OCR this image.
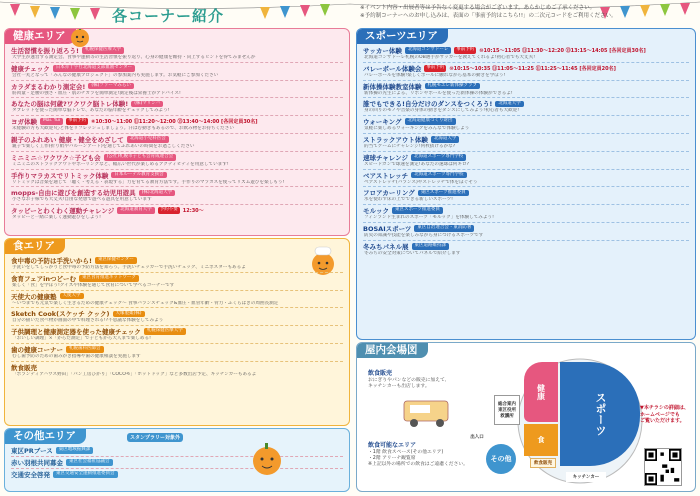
各コーナー紹介	※イベント内容・出展者等は予告なく変更する場合がございます。あらかじめご了承ください。
※予約制コーナーへのお申し込みは、表面の「事前予約はこちら!!」の二次元コードをご利用ください。
健康エリア
生活習慣を振り返ろう!	札幌保健医療大学
大学生が運営する測定会。食事や運動等の生活習慣を振り返り、心身の健康を維持・向上するヒントを得てみませんか
健康チェック	日本赤十字社北海道支部血液センター
会社一丸となって「みんなの健康プロジェクト」の参加案内も実施します。お気軽にご参加ください
カラダまるわかり測定会!	(株)ファーマみらい
筋肉量・足腰の強さ・血圧・肌のチカラを簡単測定!測定後は栄養士がアドバイス!
あなたの脳は何歳?ワクワク脳トレ体験!	(株)マリンバ
タブレットを使った簡単な脳トレで、あなたの脳年齢をチェックしてみよう!
ヨガ体験	Mai. Yui	事前予約	⑥10:30～11:00 ⑪11:20～12:00 ⑬13:40～14:00 [各回定員30名]
未経験の方も大歓迎!心と体をリフレッシュしましょう。汗ばむ動きもあるので、お飲み物をお持ちください
親子のふれあい 健康・健全をめざして	北海道小児科医会
親子で楽しく工作(折り紙やバルーンアート)を通じてふれあいの時間をお過ごしください
ミニミニ☆ワクワク☆子ども会	(公社)札幌市子ども会育成連合会
ミニミニのストラックアウトやボーリングなど、幅広い世代が楽しめるアクティビティを用意しています!
手作りマラカスでリトミック体験	日本ルーテル教育支援会
リトミックは音楽を通じて「聴く・考える・表現する」力を育てる教育方法です。手作りのマラカスを使ってリズム遊びを楽しもう!
mopps-自由に遊びを創造する幼児用遊具	(株)北海道大学
小さなお子様でも大丈夫!自由な発想で遊べる遊具を用意しています
タッピーとわくわく運動チャレンジ	北海道教育大学	予約不要	12:30～
タッピーと一緒に楽しく運動遊びをしよう!
食エリア
食中毒の予防は手洗いから!	東区保健センター
手洗いをしてしっかりと食中毒の予防方法を知ろう。手洗いチェッカーで手洗いチェック、ミニポスターもあるよ
食育フェアinつどーむ	東区食育推進ネットワーク
楽しく「食」を学ぼう!クイズや体験を通じて食育について学べるコーナーです
天使大の健康塾	天使大学
～いつまでも元気で楽しく生きるための健康チェック～ 食事バランスチェック&血圧・血管年齢・骨力・ふくらはぎの周囲長測定
Sketch Cook(スケッチ クック)	大塚製薬(株)
自分の描いた食べ物が画面の中で料理される!?不思議な体験をしてみよう
子供調理と健康測定器を使った健康チェック	札幌保健医療大学
「おいしい調理」×「からだ測定」で子どもから大人まで楽しめる!
歯の健康コーナー	札幌歯科医師会
むし歯予防のための歯みがき指導や歯の健康相談を実施します
飲食販売
「ボランティアハウス野田」「パン工房ひかり」「COCOモ」「ホットドッグ」など多数出店予定、キッチンカーもあるよ
その他エリア	スタンプラリー対象外
東区PRブース	東区地域振興課
赤い羽根共同募金	東区社会福祉協議会
交通安全啓発	東区交通安全運動推進委員会
スポーツエリア
サッカー体験	北海道コンサドーレ	事前予約	⑩10:15～11:05 ⑪11:30～12:20 ⑬13:15～14:05 [各回定員30名]
北海道コンサドーレ札幌のOB選手がサッカーを教えてくれるよ!初心者でも大丈夫!
バレーボール体験会	事前予約	⑩10:15～10:35 ⑪11:05～11:25 ⑪11:25～11:45 [各回定員20名]
バレーボールを体験!楽しくボールに触れながら基本の動きを学ぼう!
新体操体験教室体験	札幌モエレ新体操クラブ
新体操の先生による、リボンやボールを使った新体操の体験ができるよ!
誰でもできる!自分だけのダンスをつくろう!	北海道大学
身の回りのモノや音楽の身体の動きをダンスにしてみよう!初心者も大歓迎!
ウォーキング	北海道健康づくり財団
気軽に楽しめるウォーキングをみんなで体験しよう
ストラックアウト体験	北海道大学
的当てゲームにチャレンジ!何枚抜けるかな?
速球チャレンジ	北海道スポーツ専門学校
スピードガンで球速を測定!あなたの速球は何キロ?
ベアストレッチ	北海道スポーツ専門学校
ベアストレッチ(バランス)やストレッチで体をほぐそう
フロアカーリング	東区スポーツ推進委員
氷を使わず床の上でできる新しいスポーツ!
モルック	東区スポーツ推進委員
フィンランド生まれのスポーツ「モルック」を体験してみよう!
BOSAIスポーツ	東区自治連合会・東消防署
防災の知識や技能を楽しみながら身につけるスポーツです
冬みちパネル展	東区道路維持課
冬みちの安全対策についてパネルで紹介します
屋内会場図
飲食販売
おにぎりやパンなどの販売に加えて、
キッチンカーも出店します。
飲食可能なエリア
・1階 飲食スペース(その他エリア)
・2階 アリーナ観覧席
※上記以外の場所での飲食はご遠慮ください。
健康	スポーツ
食
総合案内 東区役所 救護所
その他
飲食販売
出入口
キッチンカー
▼本チラシの詳細は、
ホームページでも
ご覧いただけます。
